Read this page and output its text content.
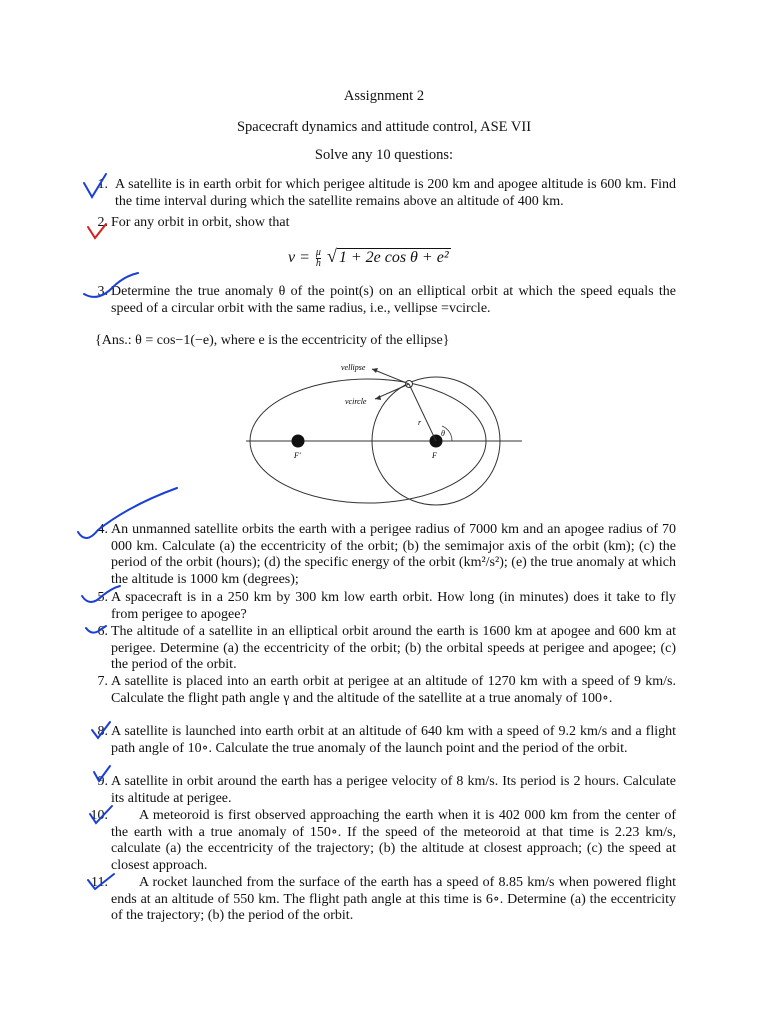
Assignment 2
Spacecraft dynamics and attitude control, ASE VII
Solve any 10 questions:
1. A satellite is in earth orbit for which perigee altitude is 200 km and apogee altitude is 600 km. Find the time interval during which the satellite remains above an altitude of 400 km.
2. For any orbit in orbit, show that
$v = \frac{\mu}{h}$ √ 1 + 2e cos θ + e²
3. Determine the true anomaly θ of the point(s) on an elliptical orbit at which the speed equals the speed of a circular orbit with the same radius, i.e., vellipse =vcircle.
{Ans.: θ = cos−1(−e), where e is the eccentricity of the ellipse}
vellipse
vcircle
r
θ
F'	F
4. An unmanned satellite orbits the earth with a perigee radius of 7000 km and an apogee radius of 70 000 km. Calculate (a) the eccentricity of the orbit; (b) the semimajor axis of the orbit (km); (c) the period of the orbit (hours); (d) the specific energy of the orbit (km²/s²); (e) the true anomaly at which the altitude is 1000 km (degrees);
5. A spacecraft is in a 250 km by 300 km low earth orbit. How long (in minutes) does it take to fly from perigee to apogee?
6. The altitude of a satellite in an elliptical orbit around the earth is 1600 km at apogee and 600 km at perigee. Determine (a) the eccentricity of the orbit; (b) the orbital speeds at perigee and apogee; (c) the period of the orbit.
7. A satellite is placed into an earth orbit at perigee at an altitude of 1270 km with a speed of 9 km/s. Calculate the flight path angle γ and the altitude of the satellite at a true anomaly of 100∘.
8. A satellite is launched into earth orbit at an altitude of 640 km with a speed of 9.2 km/s and a flight path angle of 10∘. Calculate the true anomaly of the launch point and the period of the orbit.
9. A satellite in orbit around the earth has a perigee velocity of 8 km/s. Its period is 2 hours. Calculate its altitude at perigee.
10.	A meteoroid is first observed approaching the earth when it is 402 000 km from the center of the earth with a true anomaly of 150∘. If the speed of the meteoroid at that time is 2.23 km/s, calculate (a) the eccentricity of the trajectory; (b) the altitude at closest approach; (c) the speed at closest approach.
11.	A rocket launched from the surface of the earth has a speed of 8.85 km/s when powered flight ends at an altitude of 550 km. The flight path angle at this time is 6∘. Determine (a) the eccentricity of the trajectory; (b) the period of the orbit.
